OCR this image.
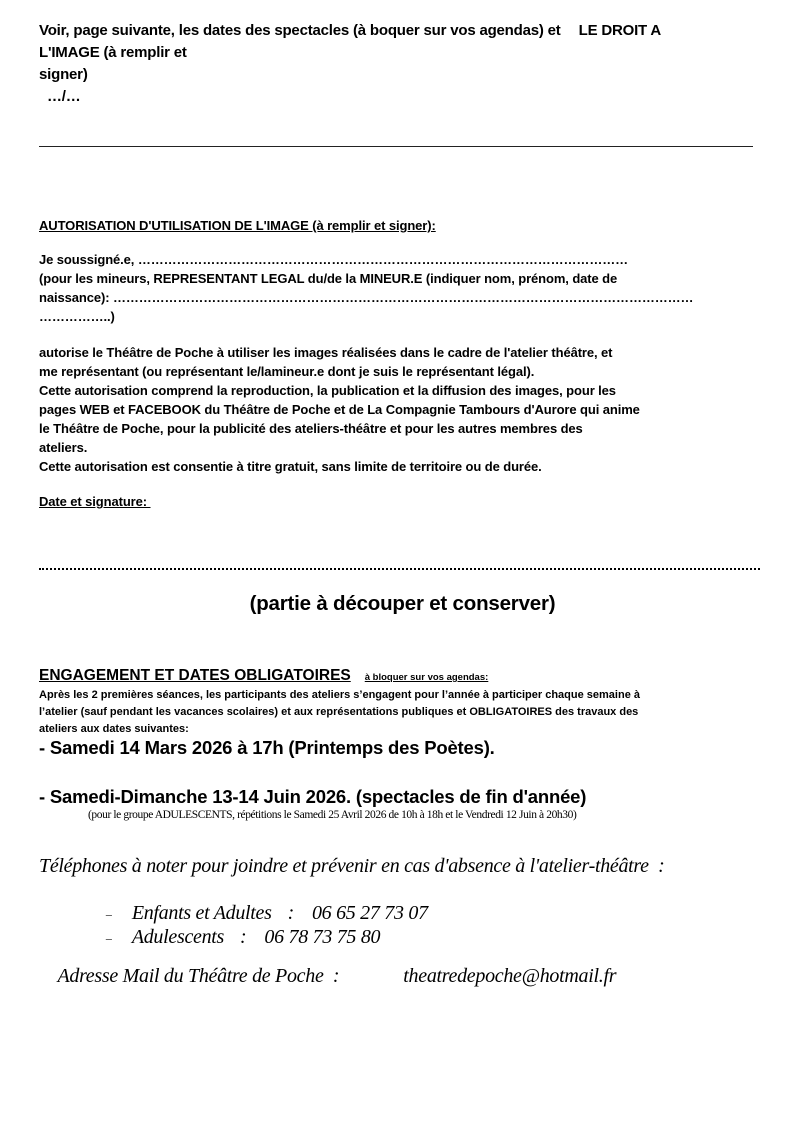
Voir, page suivante, les dates des spectacles (à boquer sur vos agendas) et LE DROIT A
L'IMAGE (à remplir et
signer)
…/…
AUTORISATION D'UTILISATION DE L'IMAGE (à remplir et signer):
Je soussigné.e, ……………………………………………………………………………………………………
(pour les mineurs, REPRESENTANT LEGAL du/de la MINEUR.E (indiquer nom, prénom, date de
naissance): ………………………………………………………………………………………………………………………
……………..)
autorise le Théâtre de Poche à utiliser les images réalisées dans le cadre de l'atelier théâtre, et
me représentant (ou représentant le/lamineur.e dont je suis le représentant légal).
Cette autorisation comprend la reproduction, la publication et la diffusion des images, pour les
pages WEB et FACEBOOK du Théâtre de Poche et de La Compagnie Tambours d'Aurore qui anime
le Théâtre de Poche, pour la publicité des ateliers-théâtre et pour les autres membres des
ateliers.
Cette autorisation est consentie à titre gratuit, sans limite de territoire ou de durée.
Date et signature:
(partie à découper et conserver)
ENGAGEMENT ET DATES OBLIGATOIRES à bloquer sur vos agendas:
Après les 2 premières séances, les participants des ateliers s’engagent pour l’année à participer chaque semaine à
l’atelier (sauf pendant les vacances scolaires) et aux représentations publiques et OBLIGATOIRES des travaux des
ateliers aux dates suivantes:
- Samedi 14 Mars 2026 à 17h (Printemps des Poètes).
- Samedi-Dimanche 13-14 Juin 2026. (spectacles de fin d'année)
(pour le groupe ADULESCENTS, répétitions le Samedi 25 Avril 2026 de 10h à 18h et le Vendredi 12 Juin à 20h30)
Téléphones à noter pour joindre et prévenir en cas d'absence à l'atelier-théâtre  :

– Enfants et Adultes : 06 65 27 73 07

– Adulescents : 06 78 73 75 80

Adresse Mail du Théâtre de Poche  :	theatredepoche@hotmail.fr
